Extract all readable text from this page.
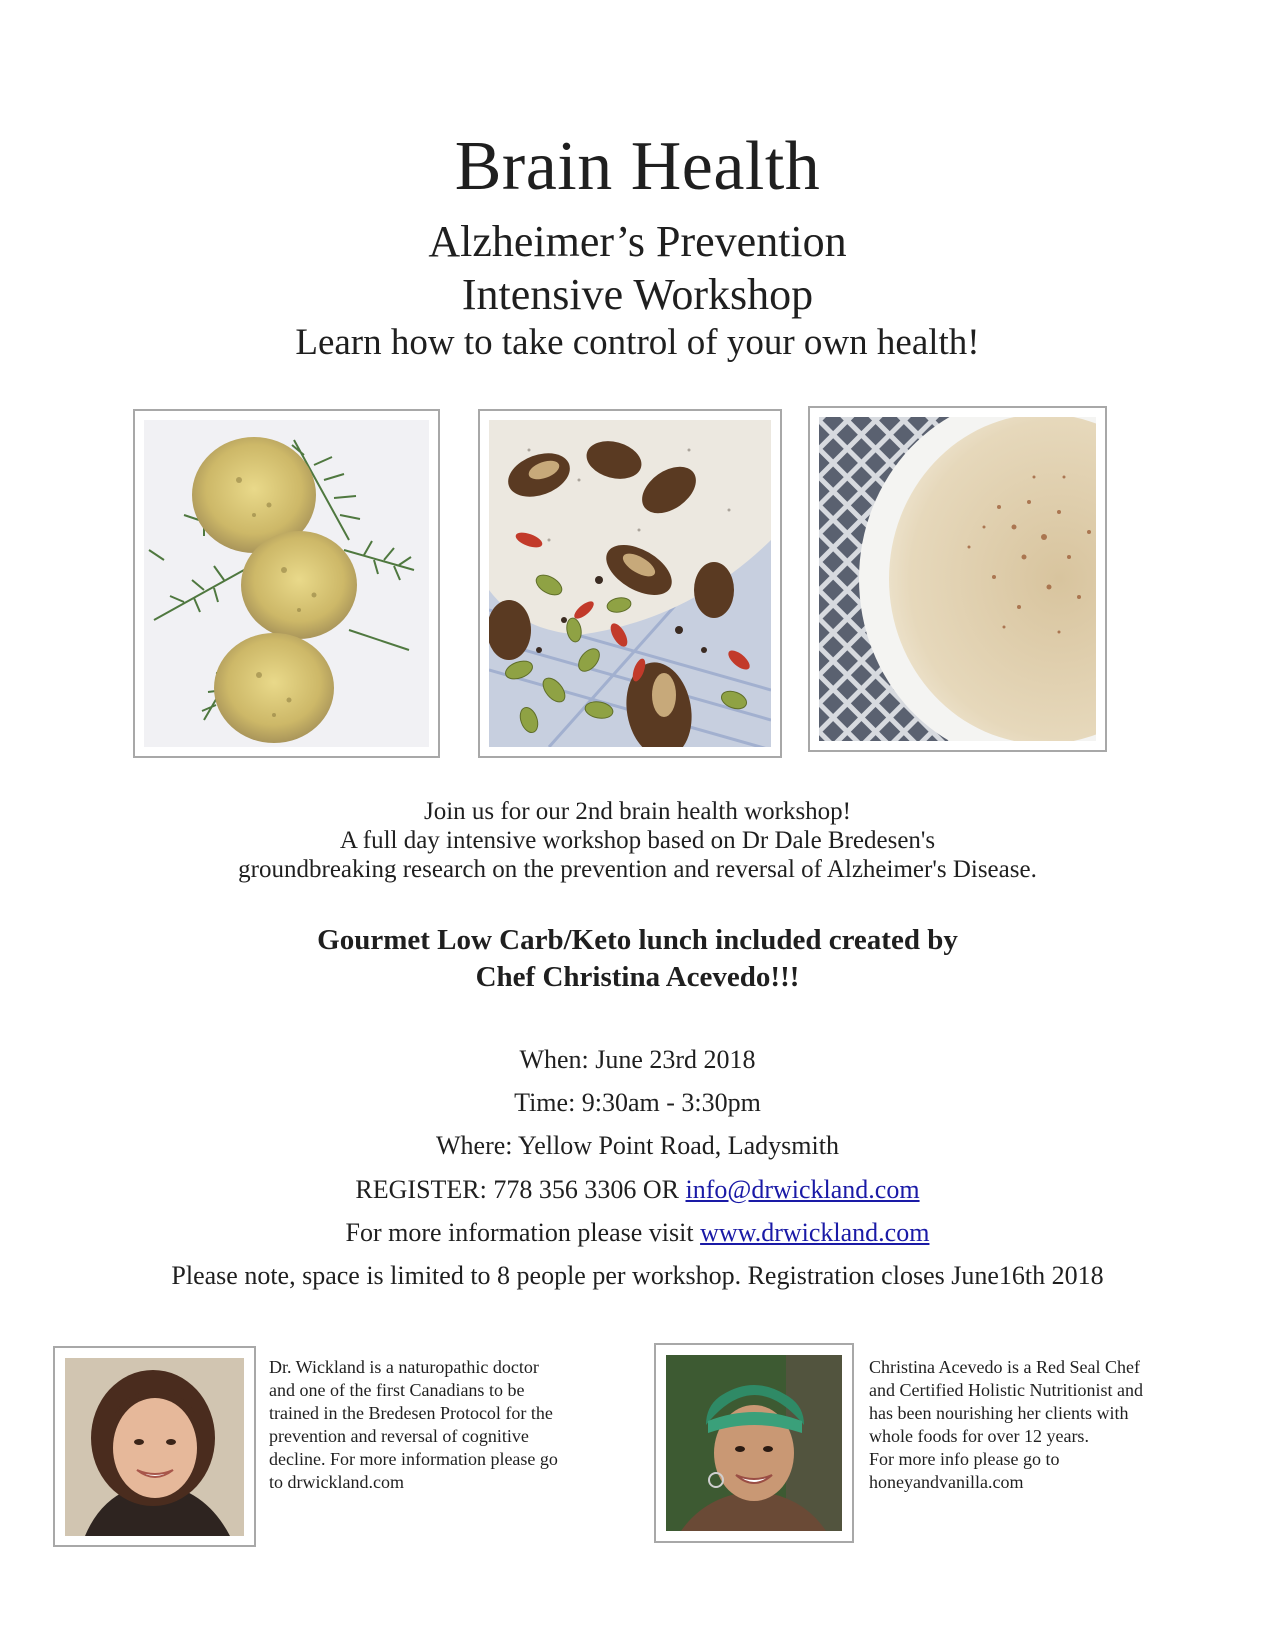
Brain Health
Alzheimer’s Prevention
Intensive Workshop
Learn how to take control of your own health!
Join us for our 2nd brain health workshop!
A full day intensive workshop based on Dr Dale Bredesen's
groundbreaking research on the prevention and reversal of Alzheimer's Disease.
Gourmet Low Carb/Keto lunch included created by
Chef Christina Acevedo!!!
When: June 23rd 2018
Time: 9:30am - 3:30pm
Where: Yellow Point Road, Ladysmith
REGISTER: 778 356 3306 OR info@drwickland.com
For more information please visit www.drwickland.com
Please note, space is limited to 8 people per workshop. Registration closes June16th 2018
Dr. Wickland is a naturopathic doctor
and one of the first Canadians to be
trained in the Bredesen Protocol for the
prevention and reversal of cognitive
decline. For more information please go
to drwickland.com
Christina Acevedo is a Red Seal Chef
and Certified Holistic Nutritionist and
has been nourishing her clients with
whole foods for over 12 years.
For more info please go to
honeyandvanilla.com
